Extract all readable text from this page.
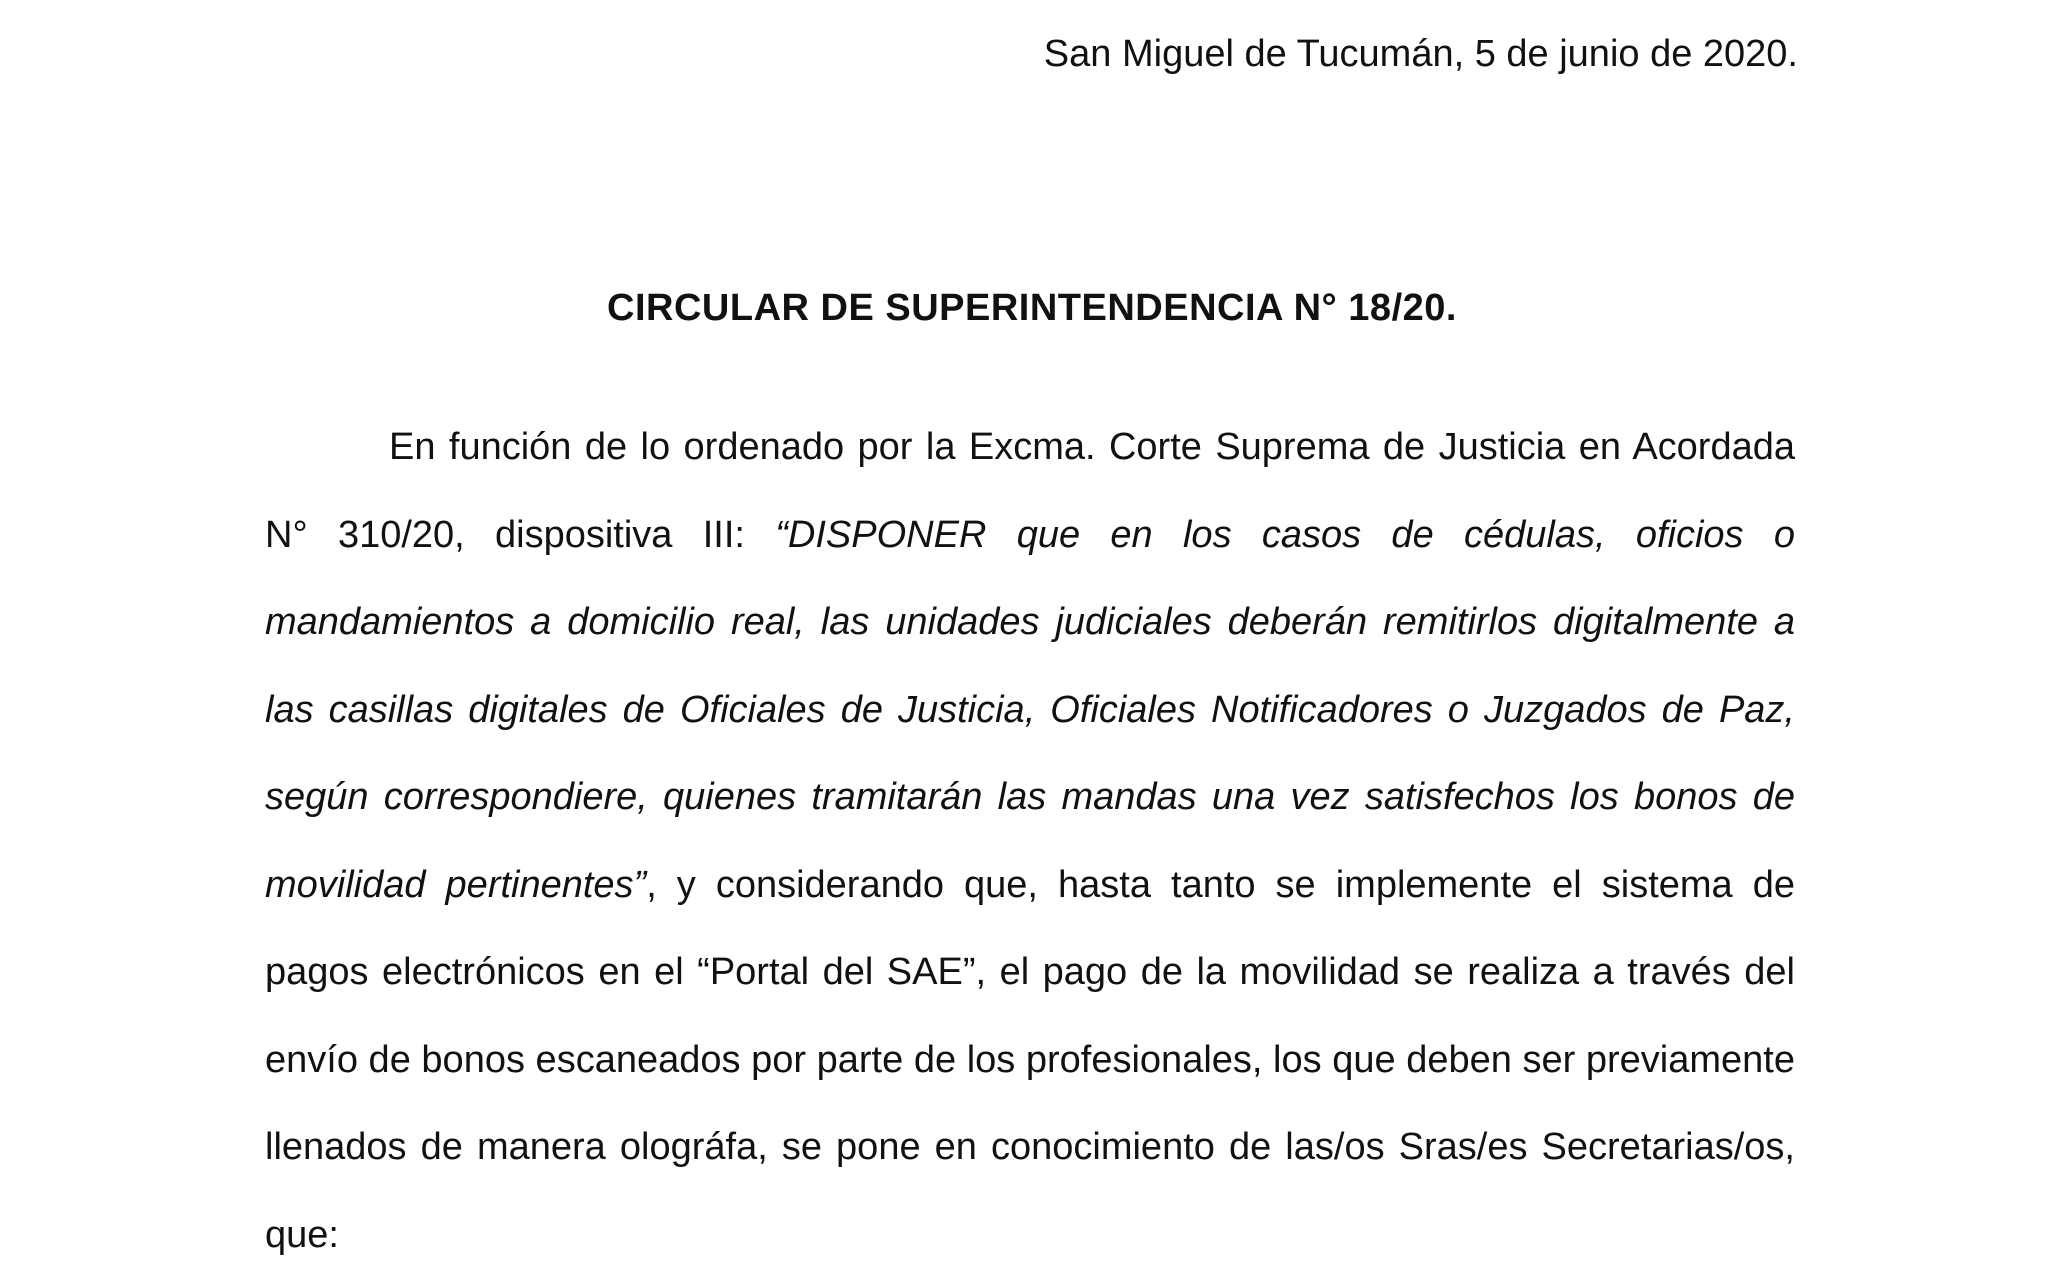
San Miguel de Tucumán, 5 de junio de 2020.
CIRCULAR DE SUPERINTENDENCIA N° 18/20.

En función de lo ordenado por la Excma. Corte Suprema de Justicia en Acordada N° 310/20, dispositiva III: “DISPONER que en los casos de cédulas, oficios o mandamientos a domicilio real, las unidades judiciales deberán remitirlos digitalmente a las casillas digitales de Oficiales de Justicia, Oficiales Notificadores o Juzgados de Paz, según correspondiere, quienes tramitarán las mandas una vez satisfechos los bonos de movilidad pertinentes”, y considerando que, hasta tanto se implemente el sistema de pagos electrónicos en el “Portal del SAE”, el pago de la movilidad se realiza a través del envío de bonos escaneados por parte de los profesionales, los que deben ser previamente llenados de manera olográfa, se pone en conocimiento de las/os Sras/es Secretarias/os, que:
